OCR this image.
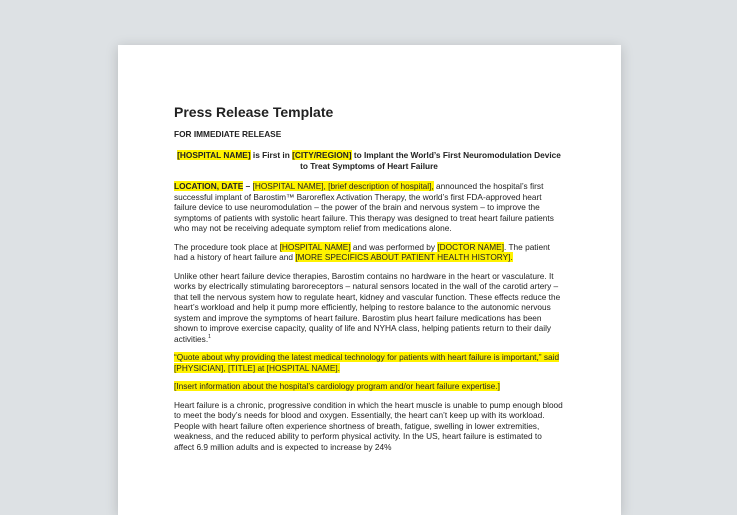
Press Release Template
FOR IMMEDIATE RELEASE
[HOSPITAL NAME] is First in [CITY/REGION] to Implant the World’s First Neuromodulation Device to Treat Symptoms of Heart Failure

LOCATION, DATE – [HOSPITAL NAME], [brief description of hospital], announced the hospital’s first successful implant of Barostim™ Baroreflex Activation Therapy, the world’s first FDA-approved heart failure device to use neuromodulation – the power of the brain and nervous system – to improve the symptoms of patients with systolic heart failure. This therapy was designed to treat heart failure patients who may not be receiving adequate symptom relief from medications alone.

The procedure took place at [HOSPITAL NAME] and was performed by [DOCTOR NAME]. The patient had a history of heart failure and [MORE SPECIFICS ABOUT PATIENT HEALTH HISTORY].

Unlike other heart failure device therapies, Barostim contains no hardware in the heart or vasculature. It works by electrically stimulating baroreceptors – natural sensors located in the wall of the carotid artery – that tell the nervous system how to regulate heart, kidney and vascular function. These effects reduce the heart’s workload and help it pump more efficiently, helping to restore balance to the autonomic nervous system and improve the symptoms of heart failure. Barostim plus heart failure medications has been shown to improve exercise capacity, quality of life and NYHA class, helping patients return to their daily activities.$^1$

“Quote about why providing the latest medical technology for patients with heart failure is important,” said [PHYSICIAN], [TITLE] at [HOSPITAL NAME].

[Insert information about the hospital’s cardiology program and/or heart failure expertise.]

Heart failure is a chronic, progressive condition in which the heart muscle is unable to pump enough blood to meet the body’s needs for blood and oxygen. Essentially, the heart can’t keep up with its workload. People with heart failure often experience shortness of breath, fatigue, swelling in lower extremities, weakness, and the reduced ability to perform physical activity. In the US, heart failure is estimated to affect 6.9 million adults and is expected to increase by 24%
